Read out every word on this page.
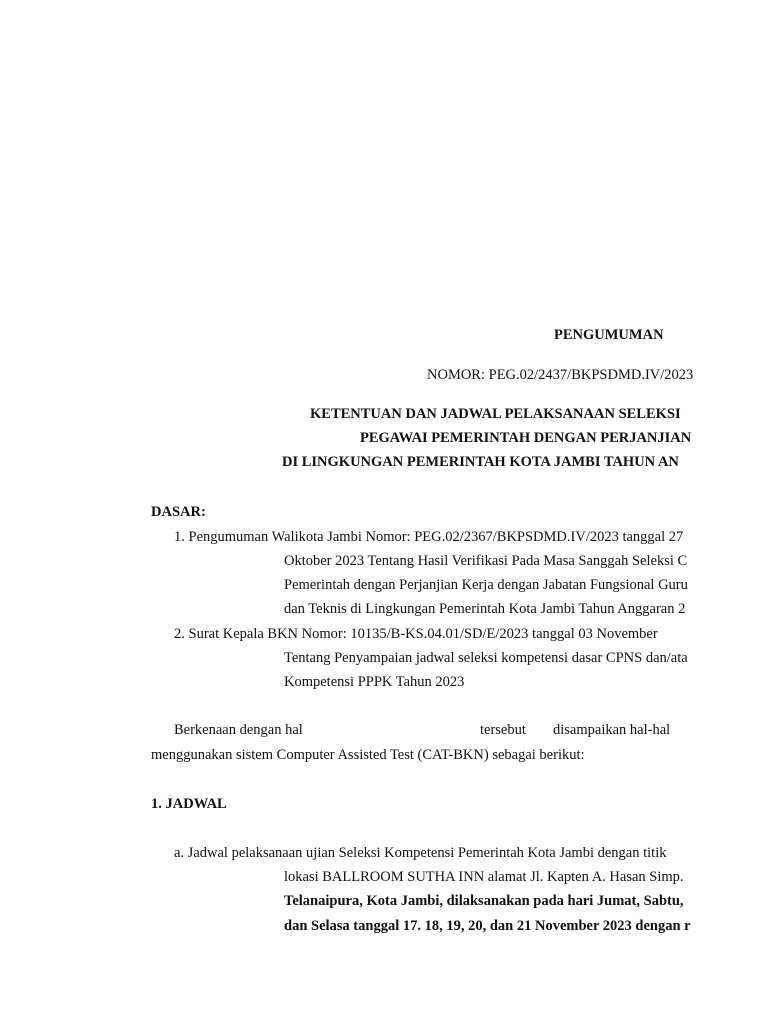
PENGUMUMAN
NOMOR: PEG.02/2437/BKPSDMD.IV/2023
KETENTUAN DAN JADWAL PELAKSANAAN SELEKSI
PEGAWAI PEMERINTAH DENGAN PERJANJIAN
DI LINGKUNGAN PEMERINTAH KOTA JAMBI TAHUN AN
DASAR:
1. Pengumuman Walikota Jambi Nomor: PEG.02/2367/BKPSDMD.IV/2023 tanggal 27
Oktober 2023 Tentang Hasil Verifikasi Pada Masa Sanggah Seleksi C
Pemerintah dengan Perjanjian Kerja dengan Jabatan Fungsional Guru
dan Teknis di Lingkungan Pemerintah Kota Jambi Tahun Anggaran 2
2. Surat Kepala BKN Nomor: 10135/B-KS.04.01/SD/E/2023 tanggal 03 November
Tentang Penyampaian jadwal seleksi kompetensi dasar CPNS dan/ata
Kompetensi PPPK Tahun 2023
Berkenaan dengan hal	tersebut disampaikan hal-hal
menggunakan sistem Computer Assisted Test (CAT-BKN) sebagai berikut:
1. JADWAL
a. Jadwal pelaksanaan ujian Seleksi Kompetensi Pemerintah Kota Jambi dengan titik
lokasi BALLROOM SUTHA INN alamat Jl. Kapten A. Hasan Simp.
Telanaipura, Kota Jambi, dilaksanakan pada hari Jumat, Sabtu,
dan Selasa tanggal 17. 18, 19, 20, dan 21 November 2023 dengan r
